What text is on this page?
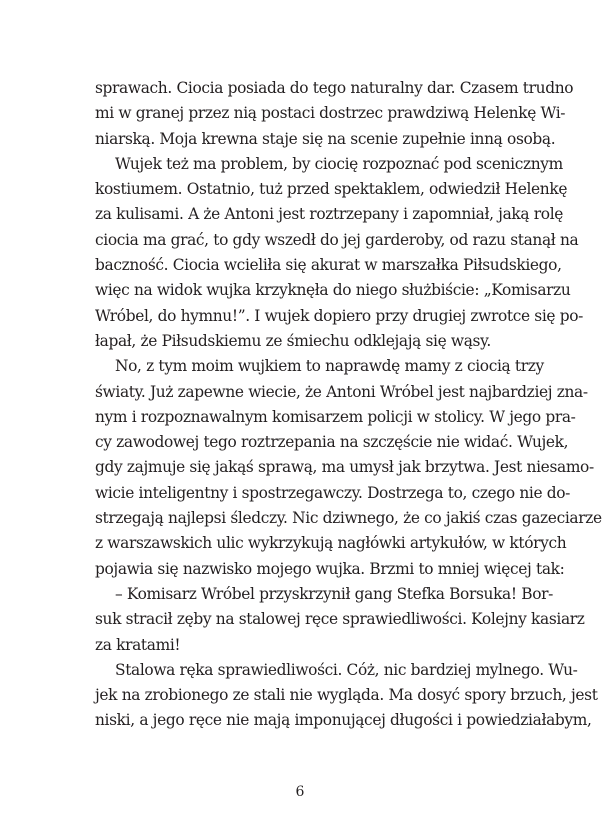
sprawach. Ciocia posiada do tego naturalny dar. Czasem trudno
mi w granej przez nią postaci dostrzec prawdziwą Helenkę Wi-
niarską. Moja krewna staje się na scenie zupełnie inną osobą.
Wujek też ma problem, by ciocię rozpoznać pod scenicznym
kostiumem. Ostatnio, tuż przed spektaklem, odwiedził Helenkę
za kulisami. A że Antoni jest roztrzepany i zapomniał, jaką rolę
ciocia ma grać, to gdy wszedł do jej garderoby, od razu stanął na
baczność. Ciocia wcieliła się akurat w marszałka Piłsudskiego,
więc na widok wujka krzyknęła do niego służbiście: „Komisarzu
Wróbel, do hymnu!”. I wujek dopiero przy drugiej zwrotce się po-
łapał, że Piłsudskiemu ze śmiechu odklejają się wąsy.
No, z tym moim wujkiem to naprawdę mamy z ciocią trzy
światy. Już zapewne wiecie, że Antoni Wróbel jest najbardziej zna-
nym i rozpoznawalnym komisarzem policji w stolicy. W jego pra-
cy zawodowej tego roztrzepania na szczęście nie widać. Wujek,
gdy zajmuje się jakąś sprawą, ma umysł jak brzytwa. Jest niesamo-
wicie inteligentny i spostrzegawczy. Dostrzega to, czego nie do-
strzegają najlepsi śledczy. Nic dziwnego, że co jakiś czas gazeciarze
z warszawskich ulic wykrzykują nagłówki artykułów, w których
pojawia się nazwisko mojego wujka. Brzmi to mniej więcej tak:
– Komisarz Wróbel przyskrzynił gang Stefka Borsuka! Bor-
suk stracił zęby na stalowej ręce sprawiedliwości. Kolejny kasiarz
za kratami!
Stalowa ręka sprawiedliwości. Cóż, nic bardziej mylnego. Wu-
jek na zrobionego ze stali nie wygląda. Ma dosyć spory brzuch, jest
niski, a jego ręce nie mają imponującej długości i powiedziałabym,
6
